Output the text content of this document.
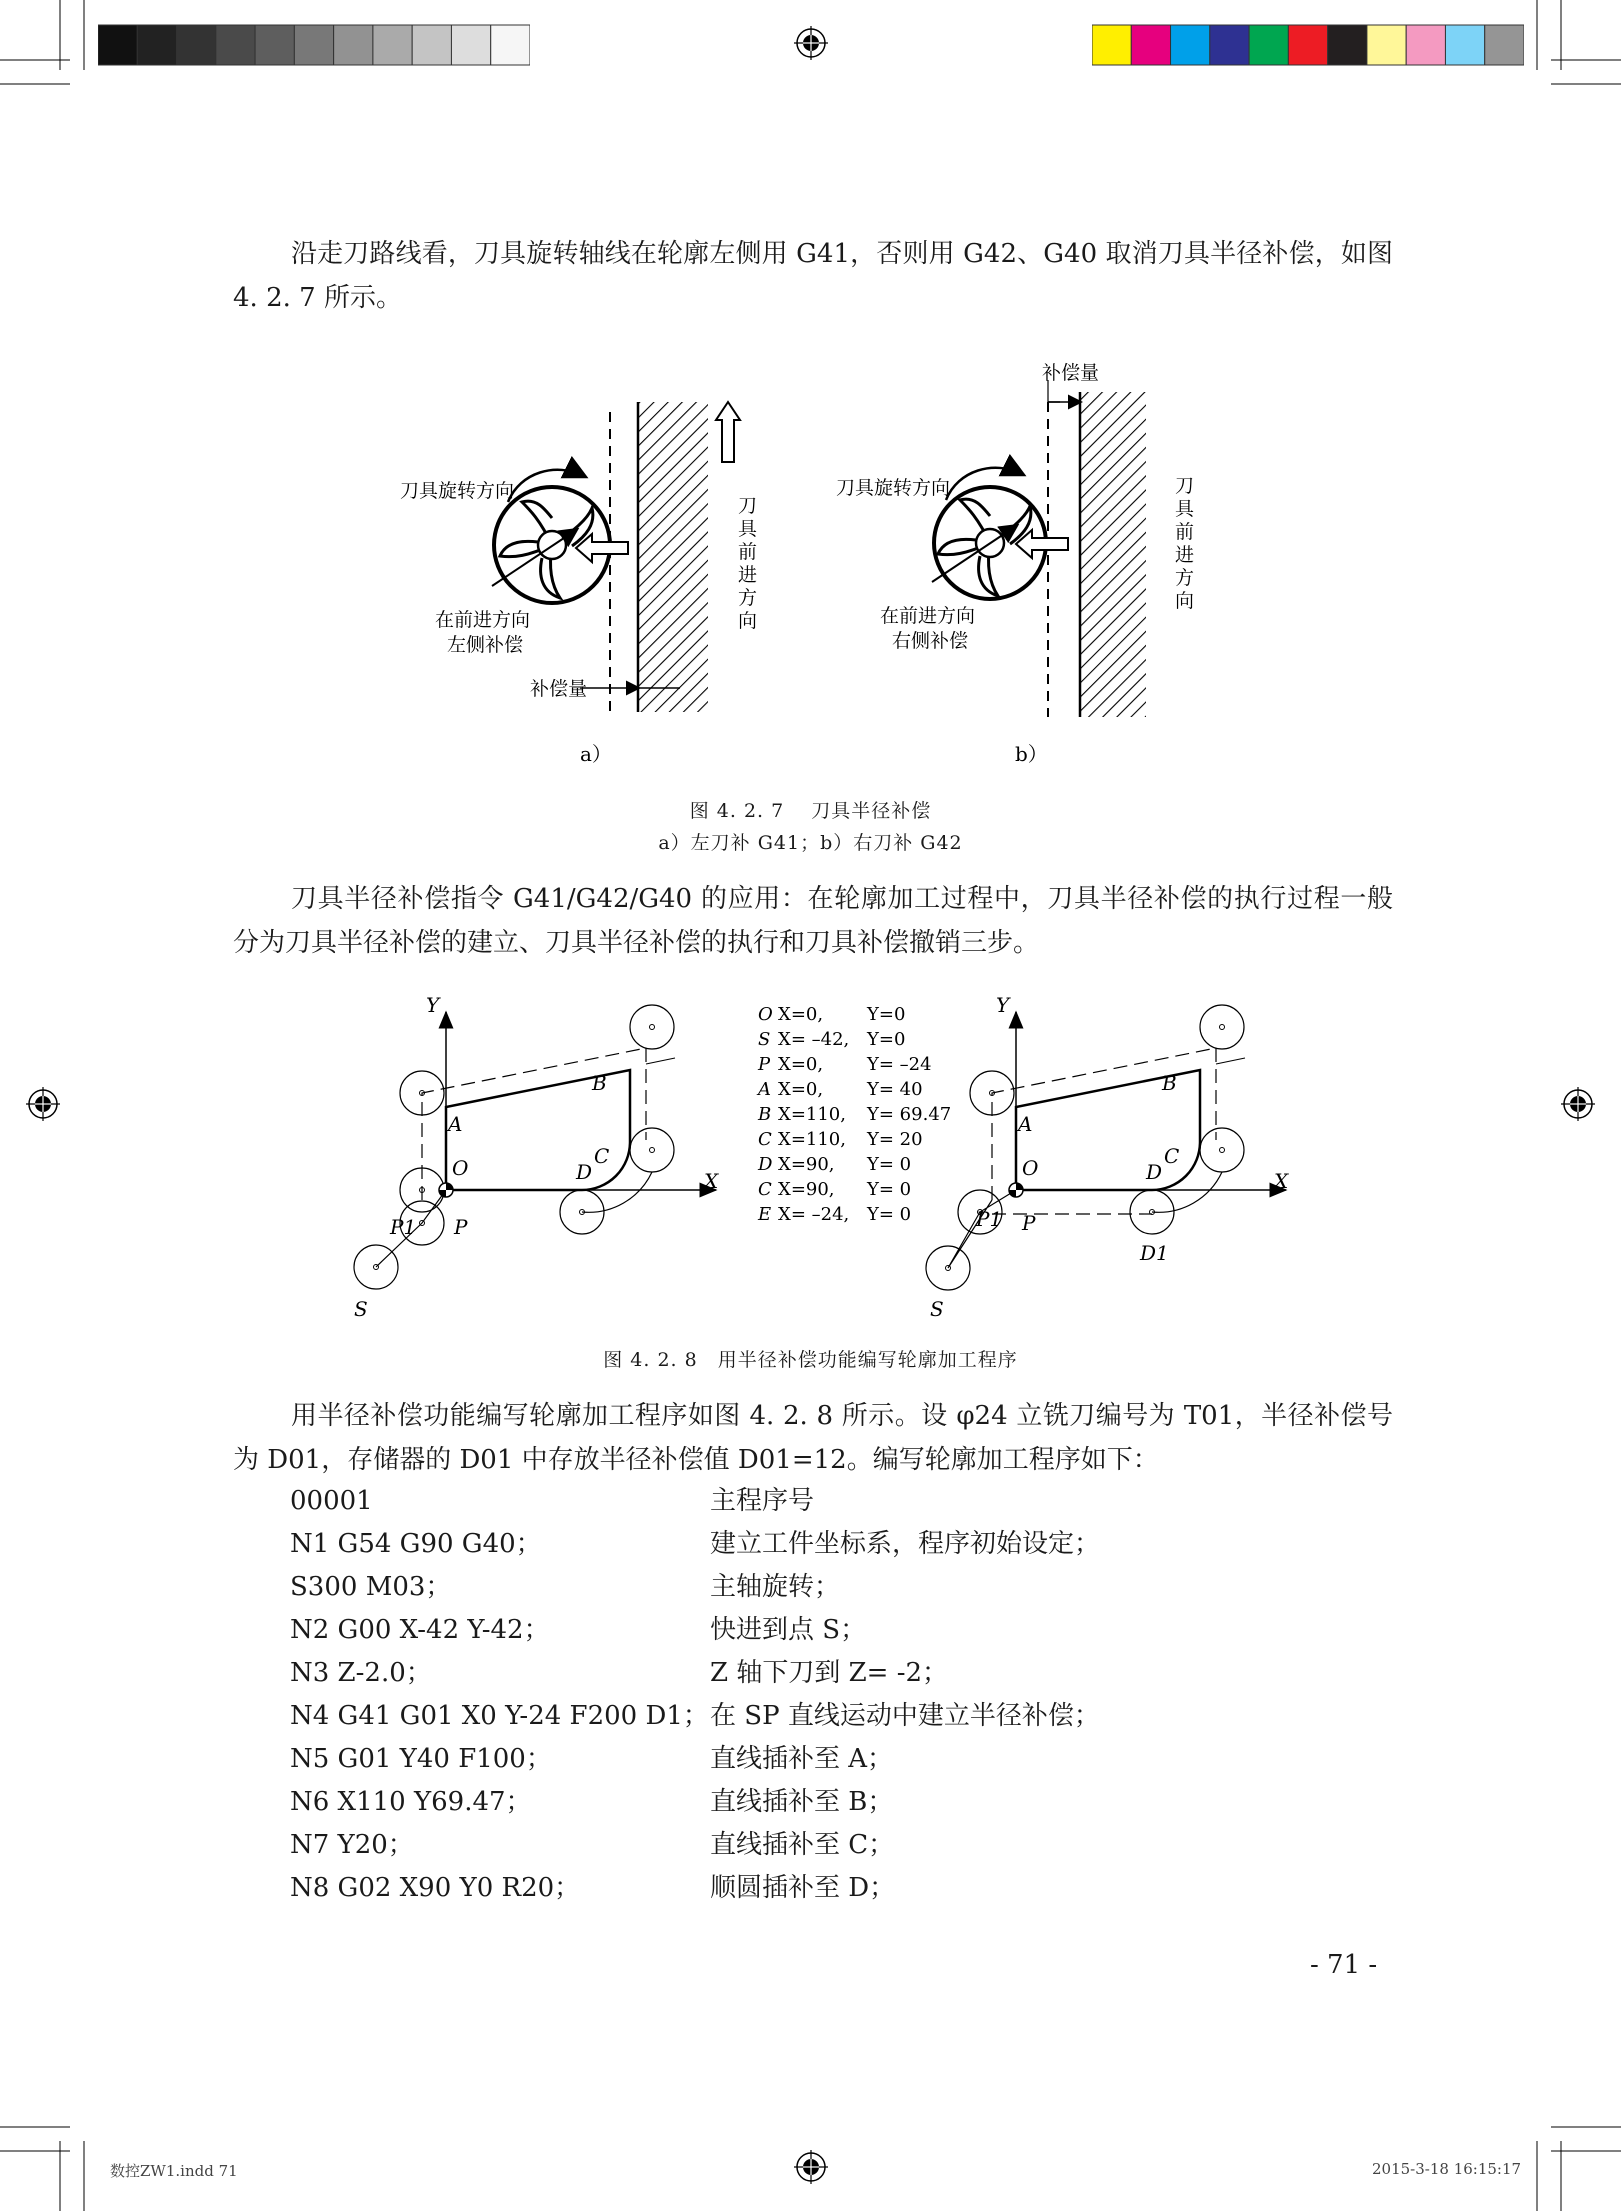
沿走刀路线看，刀具旋转轴线在轮廓左侧用 G41，否则用 G42、G40 取消刀具半径补偿，如图 4. 2. 7 所示。

刀具旋转方向
在前进方向
左侧补偿
补偿量
刀
具
前
进
方
向
a）
刀具旋转方向
在前进方向
右侧补偿
补偿量
刀
具
前
进
方
向
b）
图 4. 2. 7　 刀具半径补偿
a）左刀补 G41；b）右刀补 G42

刀具半径补偿指令 G41/G42/G40 的应用：在轮廓加工过程中，刀具半径补偿的执行过程一般分为刀具半径补偿的建立、刀具半径补偿的执行和刀具补偿撤销三步。

Y
X
O
A
B
C
D
P
P1
S
O X=0, Y=0
S X= –42, Y=0
P X=0, Y= –24
A X=0, Y= 40
B X=110, Y= 69.47
C X=110, Y= 20
D X=90, Y= 0
C X=90, Y= 0
E X= –24, Y= 0
Y
X
O
A
B
C
D
D1
P
P1
S
图 4. 2. 8　用半径补偿功能编写轮廓加工程序

用半径补偿功能编写轮廓加工程序如图 4. 2. 8 所示。设 φ24 立铣刀编号为 T01，半径补偿号为 D01，存储器的 D01 中存放半径补偿值 D01=12。编写轮廓加工程序如下：

00001	主程序号
N1 G54 G90 G40；	建立工件坐标系，程序初始设定；
S300 M03；	主轴旋转；
N2 G00 X-42 Y-42；	快进到点 S；
N3 Z-2.0；	Z 轴下刀到 Z= -2；
N4 G41 G01 X0 Y-24 F200 D1； 在 SP 直线运动中建立半径补偿；
N5 G01 Y40 F100；	直线插补至 A；
N6 X110 Y69.47；	直线插补至 B；
N7 Y20；	直线插补至 C；
N8 G02 X90 Y0 R20；	顺圆插补至 D；
- 71 -
数控ZW1.indd 71	2015-3-18 16:15:17
